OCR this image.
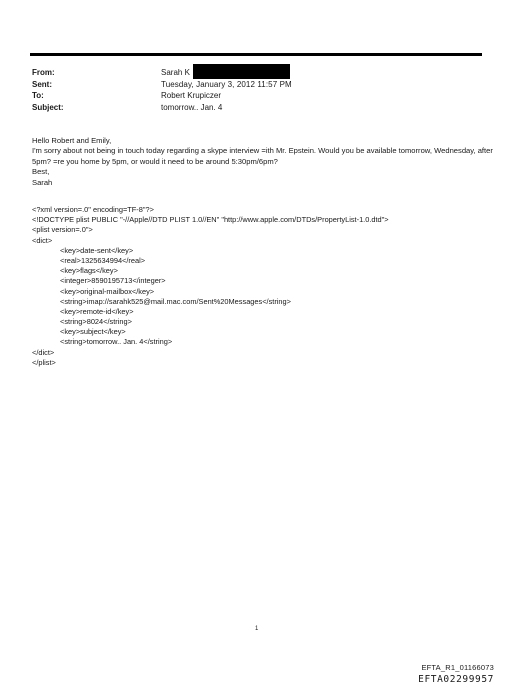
From:	Sarah K
Sent:	Tuesday, January 3, 2012 11:57 PM
To:	Robert Krupiczer
Subject:	tomorrow.. Jan. 4

Hello Robert and Emily,

I'm sorry about not being in touch today regarding a skype interview =ith Mr. Epstein. Would you be available tomorrow, Wednesday, after 5pm? =re you home by 5pm, or would it need to be around 5:30pm/6pm?

Best,

Sarah

<?xml version=.0" encoding=TF-8"?>
<!DOCTYPE plist PUBLIC "-//Apple//DTD PLIST 1.0//EN" "http://www.apple.com/DTDs/PropertyList-1.0.dtd">
<plist version=.0">
<dict>
<key>date-sent</key>
<real>1325634994</real>
<key>flags</key>
<integer>8590195713</integer>
<key>original-mailbox</key>
<string>imap://sarahk525@mail.mac.com/Sent%20Messages</string>
<key>remote-id</key>
<string>8024</string>
<key>subject</key>
<string>tomorrow.. Jan. 4</string>
</dict>
</plist>
1
EFTA_R1_01166073
EFTA02299957
